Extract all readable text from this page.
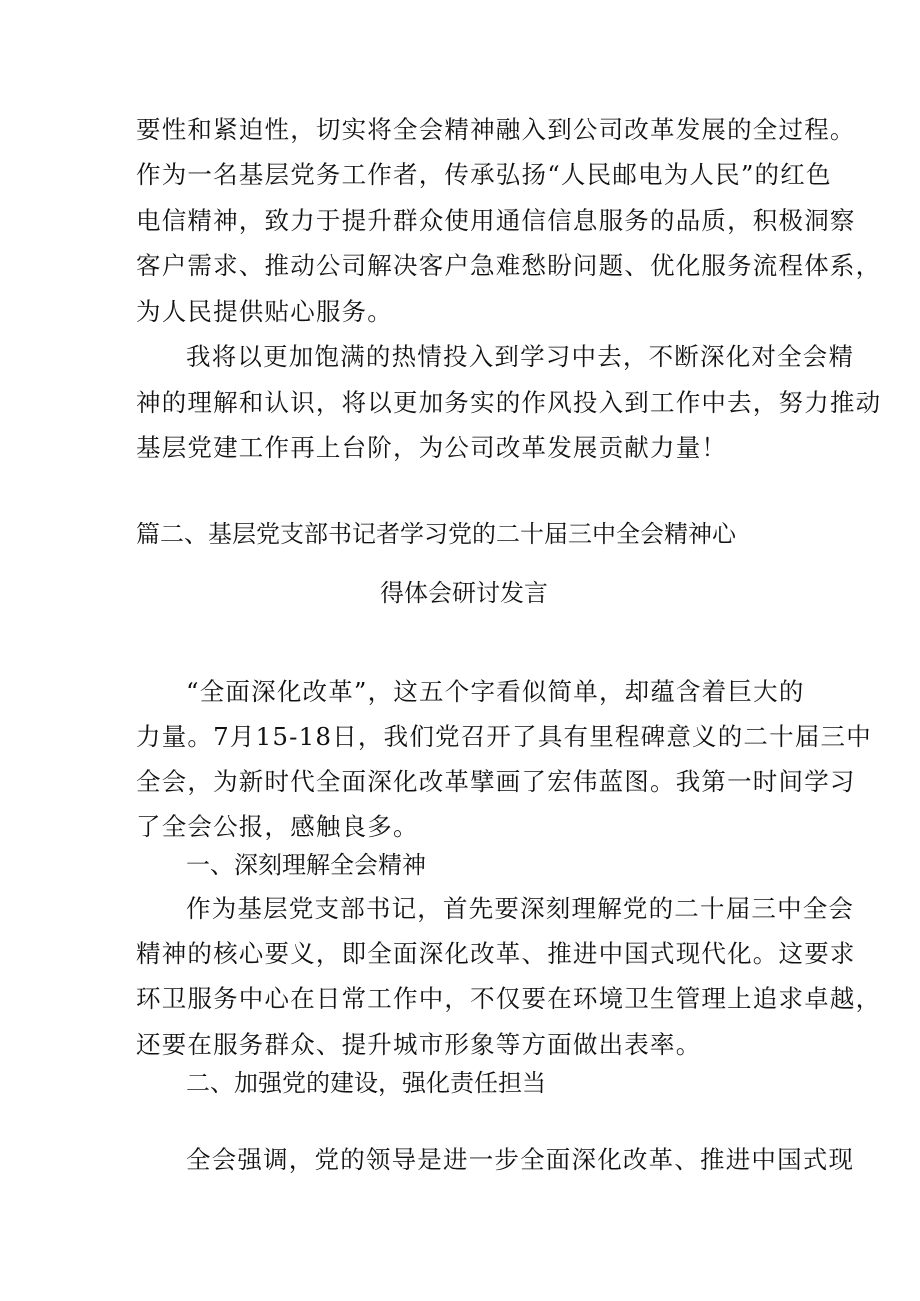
要性和紧迫性，切实将全会精神融入到公司改革发展的全过程。
作为一名基层党务工作者，传承弘扬“人民邮电为人民”的红色
电信精神，致力于提升群众使用通信信息服务的品质，积极洞察
客户需求、推动公司解决客户急难愁盼问题、优化服务流程体系，
为人民提供贴心服务。
我将以更加饱满的热情投入到学习中去，不断深化对全会精
神的理解和认识，将以更加务实的作风投入到工作中去，努力推动
基层党建工作再上台阶，为公司改革发展贡献力量！
篇二、基层党支部书记者学习党的二十届三中全会精神心
得体会研讨发言
“全面深化改革”，这五个字看似简单，却蕴含着巨大的
力量。7月15-18日，我们党召开了具有里程碑意义的二十届三中
全会，为新时代全面深化改革擘画了宏伟蓝图。我第一时间学习
了全会公报，感触良多。
一、深刻理解全会精神
作为基层党支部书记，首先要深刻理解党的二十届三中全会
精神的核心要义，即全面深化改革、推进中国式现代化。这要求
环卫服务中心在日常工作中，不仅要在环境卫生管理上追求卓越，
还要在服务群众、提升城市形象等方面做出表率。
二、加强党的建设，强化责任担当
全会强调，党的领导是进一步全面深化改革、推进中国式现
